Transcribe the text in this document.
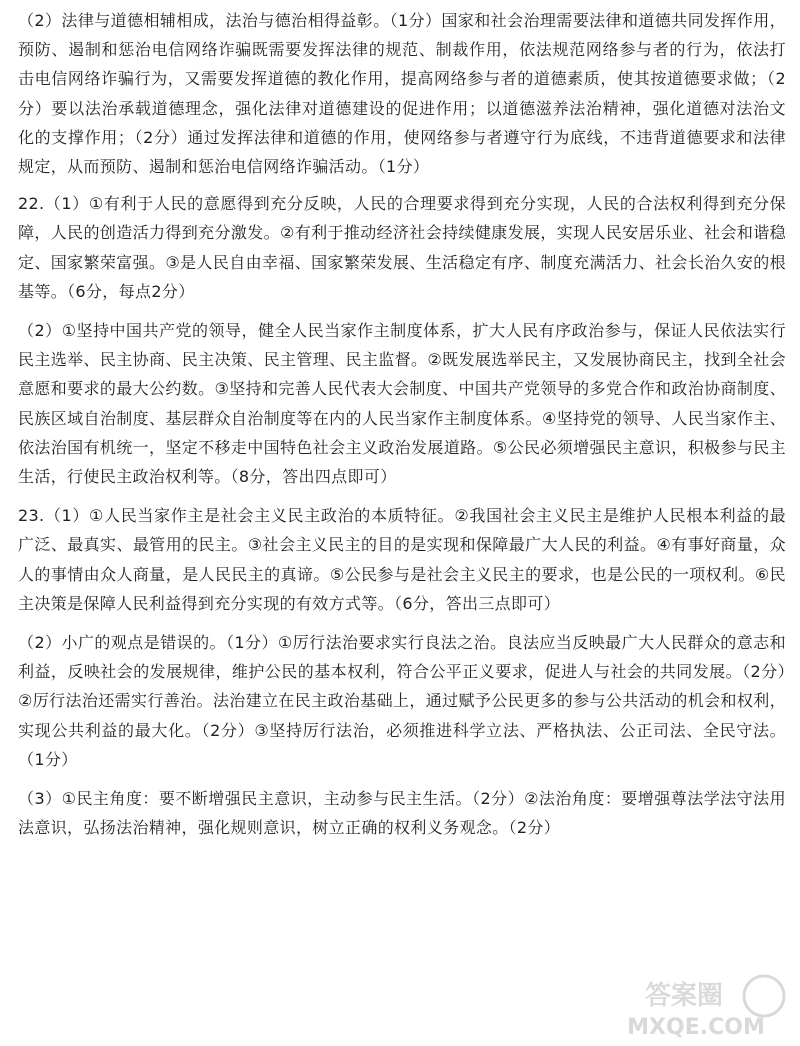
（2）法律与道德相辅相成，法治与德治相得益彰。（1分）国家和社会治理需要法律和道德共同发挥作用，预防、遏制和惩治电信网络诈骗既需要发挥法律的规范、制裁作用，依法规范网络参与者的行为，依法打击电信网络诈骗行为，又需要发挥道德的教化作用，提高网络参与者的道德素质，使其按道德要求做；（2分）要以法治承载道德理念，强化法律对道德建设的促进作用；以道德滋养法治精神，强化道德对法治文化的支撑作用；（2分）通过发挥法律和道德的作用，使网络参与者遵守行为底线，不违背道德要求和法律规定，从而预防、遏制和惩治电信网络诈骗活动。（1分）

22.（1）①有利于人民的意愿得到充分反映，人民的合理要求得到充分实现，人民的合法权利得到充分保障，人民的创造活力得到充分激发。②有利于推动经济社会持续健康发展，实现人民安居乐业、社会和谐稳定、国家繁荣富强。③是人民自由幸福、国家繁荣发展、生活稳定有序、制度充满活力、社会长治久安的根基等。（6分，每点2分）

（2）①坚持中国共产党的领导，健全人民当家作主制度体系，扩大人民有序政治参与，保证人民依法实行民主选举、民主协商、民主决策、民主管理、民主监督。②既发展选举民主，又发展协商民主，找到全社会意愿和要求的最大公约数。③坚持和完善人民代表大会制度、中国共产党领导的多党合作和政治协商制度、民族区域自治制度、基层群众自治制度等在内的人民当家作主制度体系。④坚持党的领导、人民当家作主、依法治国有机统一，坚定不移走中国特色社会主义政治发展道路。⑤公民必须增强民主意识，积极参与民主生活，行使民主政治权利等。（8分，答出四点即可）

23.（1）①人民当家作主是社会主义民主政治的本质特征。②我国社会主义民主是维护人民根本利益的最广泛、最真实、最管用的民主。③社会主义民主的目的是实现和保障最广大人民的利益。④有事好商量，众人的事情由众人商量，是人民民主的真谛。⑤公民参与是社会主义民主的要求，也是公民的一项权利。⑥民主决策是保障人民利益得到充分实现的有效方式等。（6分，答出三点即可）

（2）小广的观点是错误的。（1分）①厉行法治要求实行良法之治。良法应当反映最广大人民群众的意志和利益，反映社会的发展规律，维护公民的基本权利，符合公平正义要求，促进人与社会的共同发展。（2分）②厉行法治还需实行善治。法治建立在民主政治基础上，通过赋予公民更多的参与公共活动的机会和权利，实现公共利益的最大化。（2分）③坚持厉行法治，必须推进科学立法、严格执法、公正司法、全民守法。（1分）

（3）①民主角度：要不断增强民主意识，主动参与民主生活。（2分）②法治角度：要增强尊法学法守法用法意识，弘扬法治精神，强化规则意识，树立正确的权利义务观念。（2分）

答案圈
MXQE.COM
